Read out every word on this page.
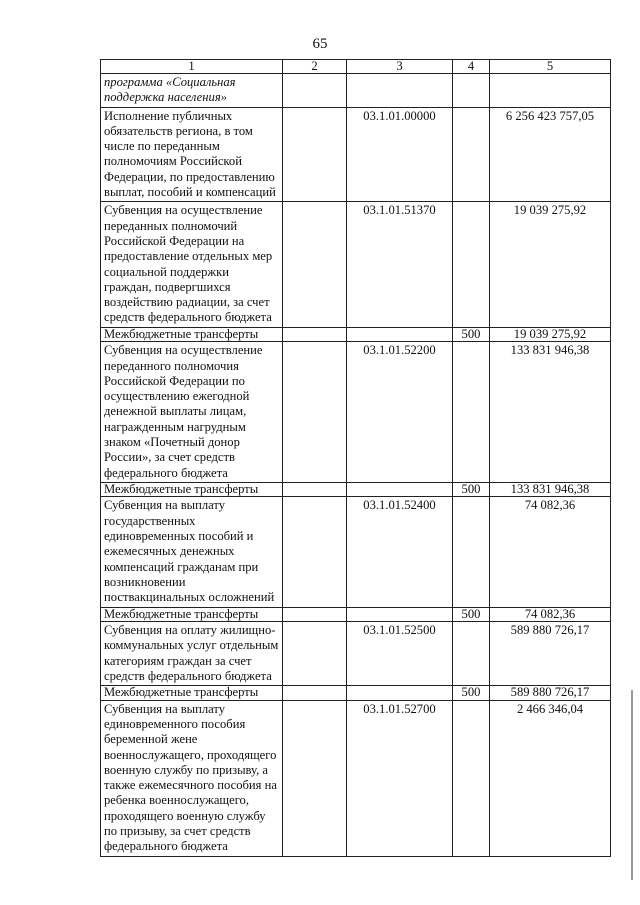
65
1	2	3	4	5
программа «Социальная поддержка населения»				
Исполнение публичных обязательств региона, в том числе по переданным полномочиям Российской Федерации, по предоставлению выплат, пособий и компенсаций		03.1.01.00000		6 256 423 757,05
Субвенция на осуществление переданных полномочий Российской Федерации на предоставление отдельных мер социальной поддержки граждан, подвергшихся воздействию радиации, за счет средств федерального бюджета		03.1.01.51370		19 039 275,92
Межбюджетные трансферты			500	19 039 275,92
Субвенция на осуществление переданного полномочия Российской Федерации по осуществлению ежегодной денежной выплаты лицам, награжденным нагрудным знаком «Почетный донор России», за счет средств федерального бюджета		03.1.01.52200		133 831 946,38
Межбюджетные трансферты			500	133 831 946,38
Субвенция на выплату государственных единовременных пособий и ежемесячных денежных компенсаций гражданам при возникновении поствакцинальных осложнений		03.1.01.52400		74 082,36
Межбюджетные трансферты			500	74 082,36
Субвенция на оплату жилищно-коммунальных услуг отдельным категориям граждан за счет средств федерального бюджета		03.1.01.52500		589 880 726,17
Межбюджетные трансферты			500	589 880 726,17
Субвенция на выплату единовременного пособия беременной жене военнослужащего, проходящего военную службу по призыву, а также ежемесячного пособия на ребенка военнослужащего, проходящего военную службу по призыву, за счет средств федерального бюджета		03.1.01.52700		2 466 346,04
